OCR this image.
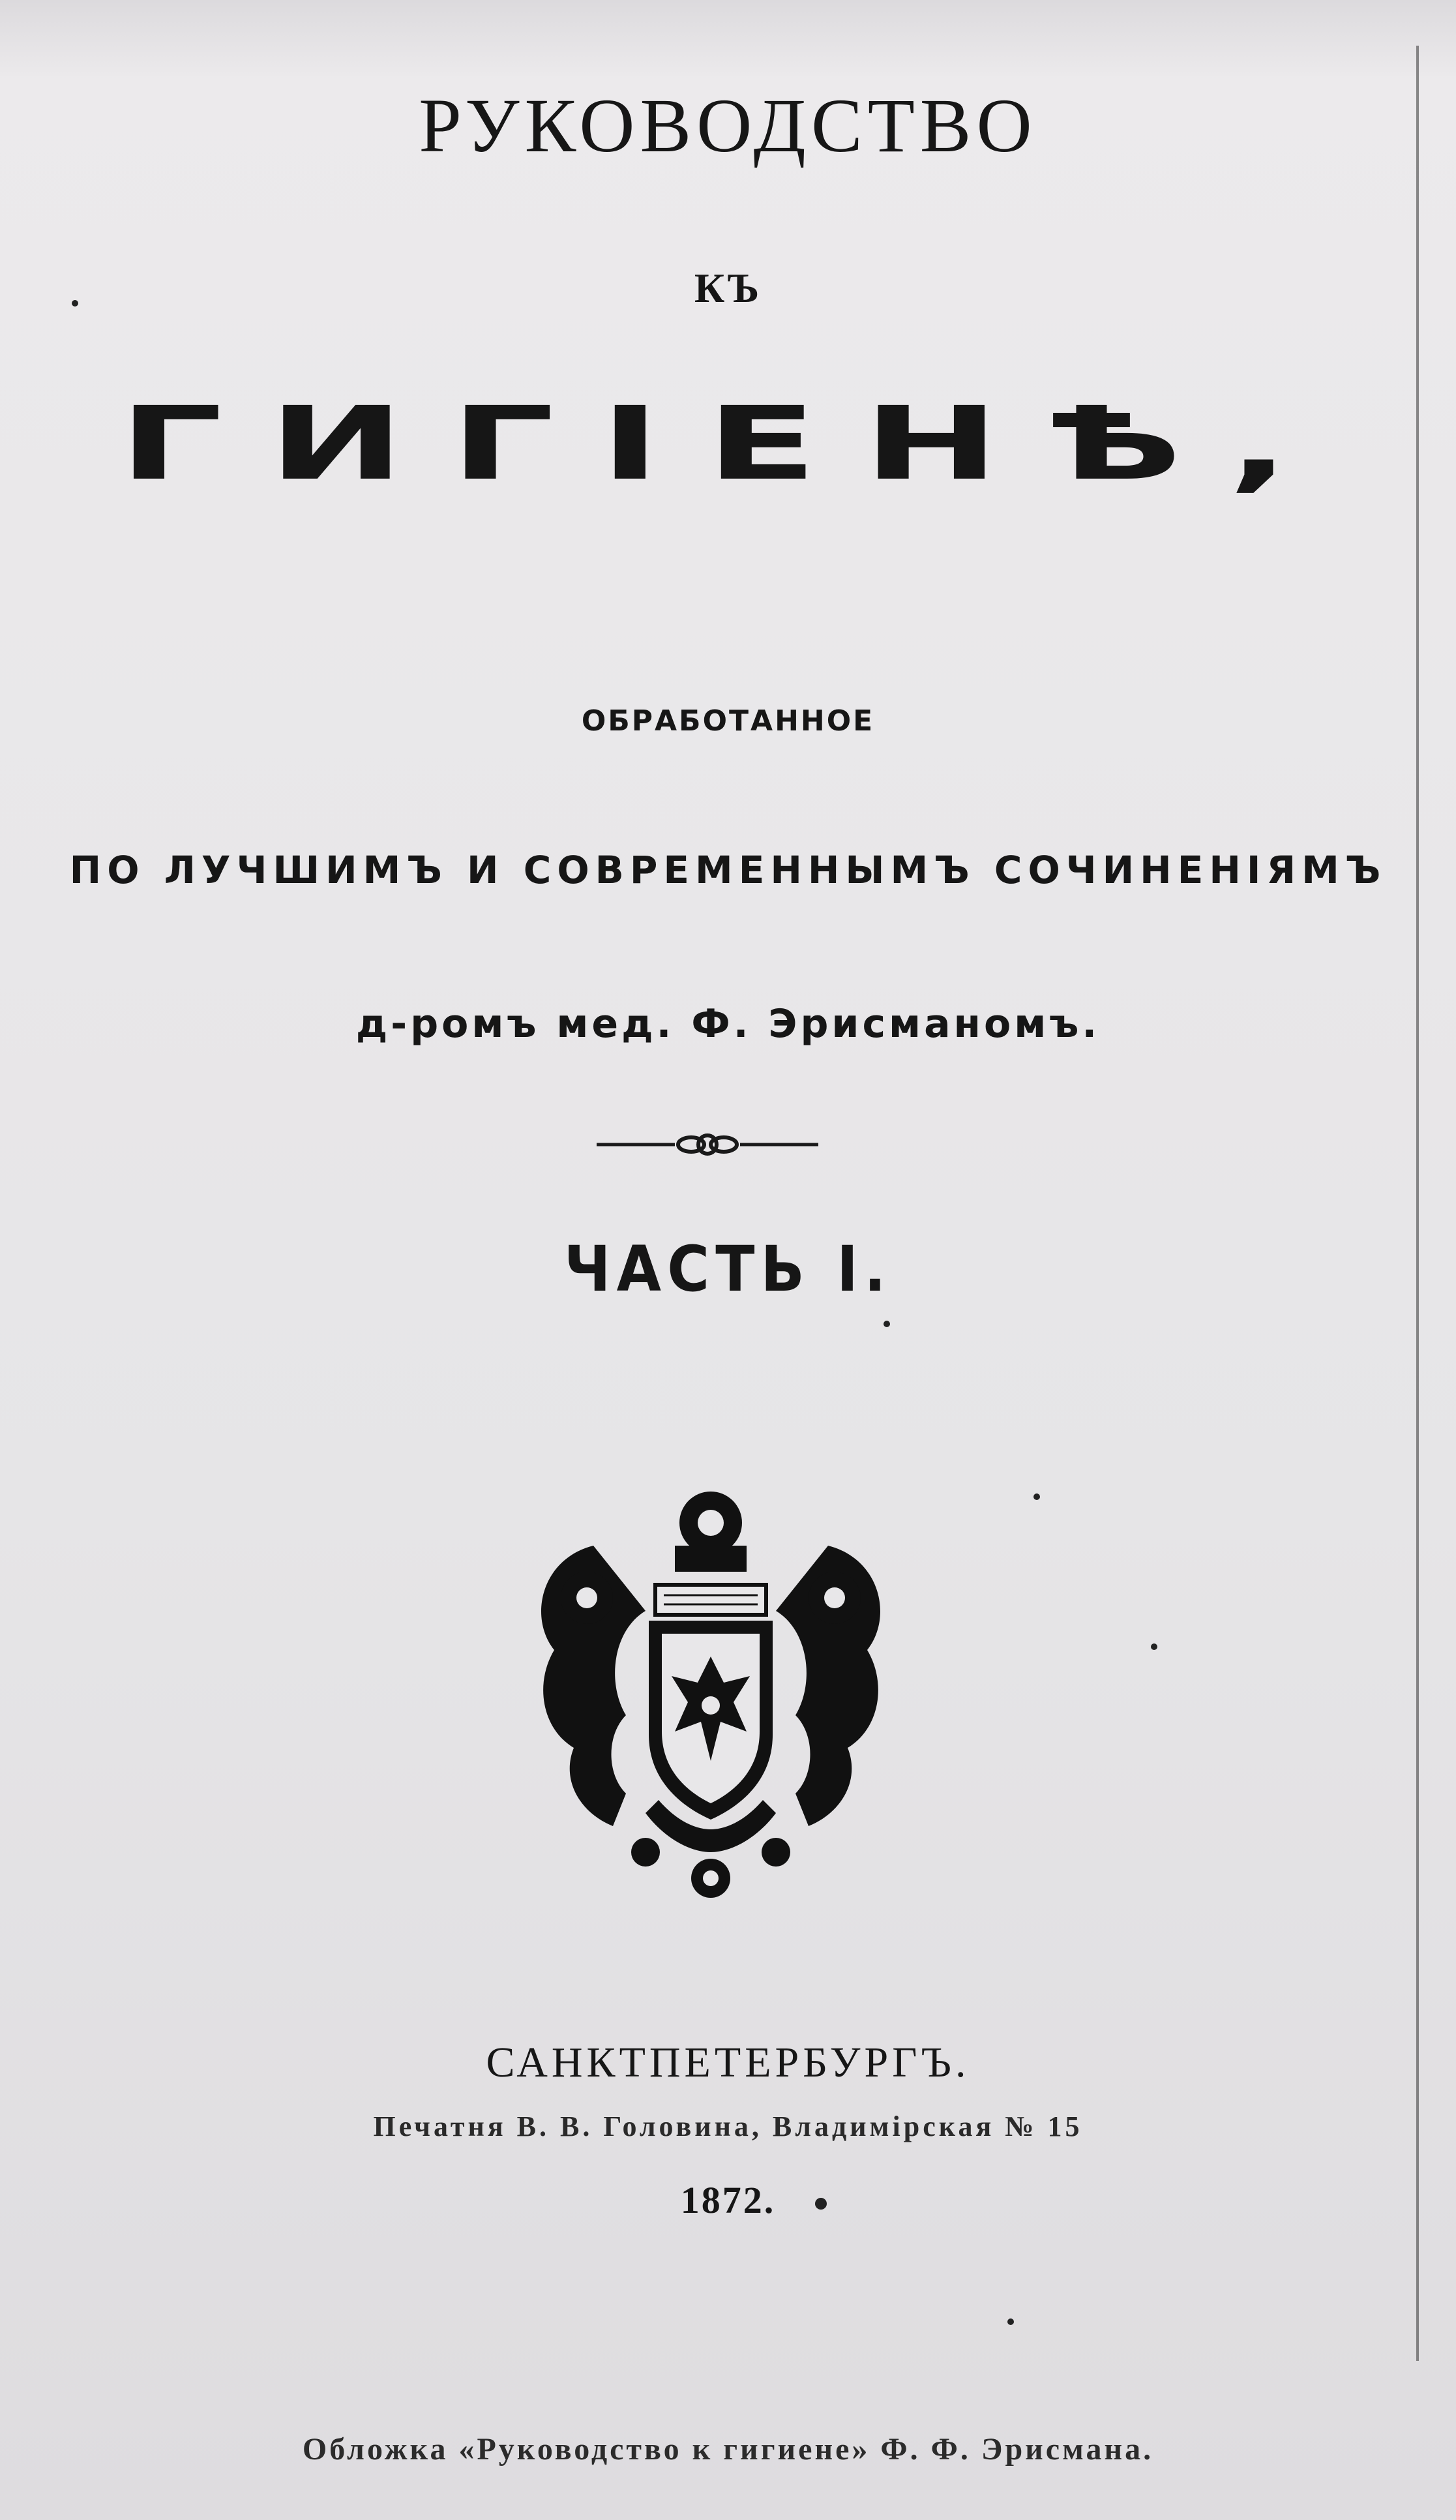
РУКОВОДСТВО
КЪ
ГИГІЕНѢ,
ОБРАБОТАННОЕ
ПО ЛУЧШИМЪ И СОВРЕМЕННЫМЪ СОЧИНЕНІЯМЪ
д-ромъ мед. Ф. Эрисманомъ.
ЧАСТЬ I.
САНКТПЕТЕРБУРГЪ.
Печатня В. В. Головина, Владимірская № 15
1872.
Обложка «Руководство к гигиене» Ф. Ф. Эрисмана.
